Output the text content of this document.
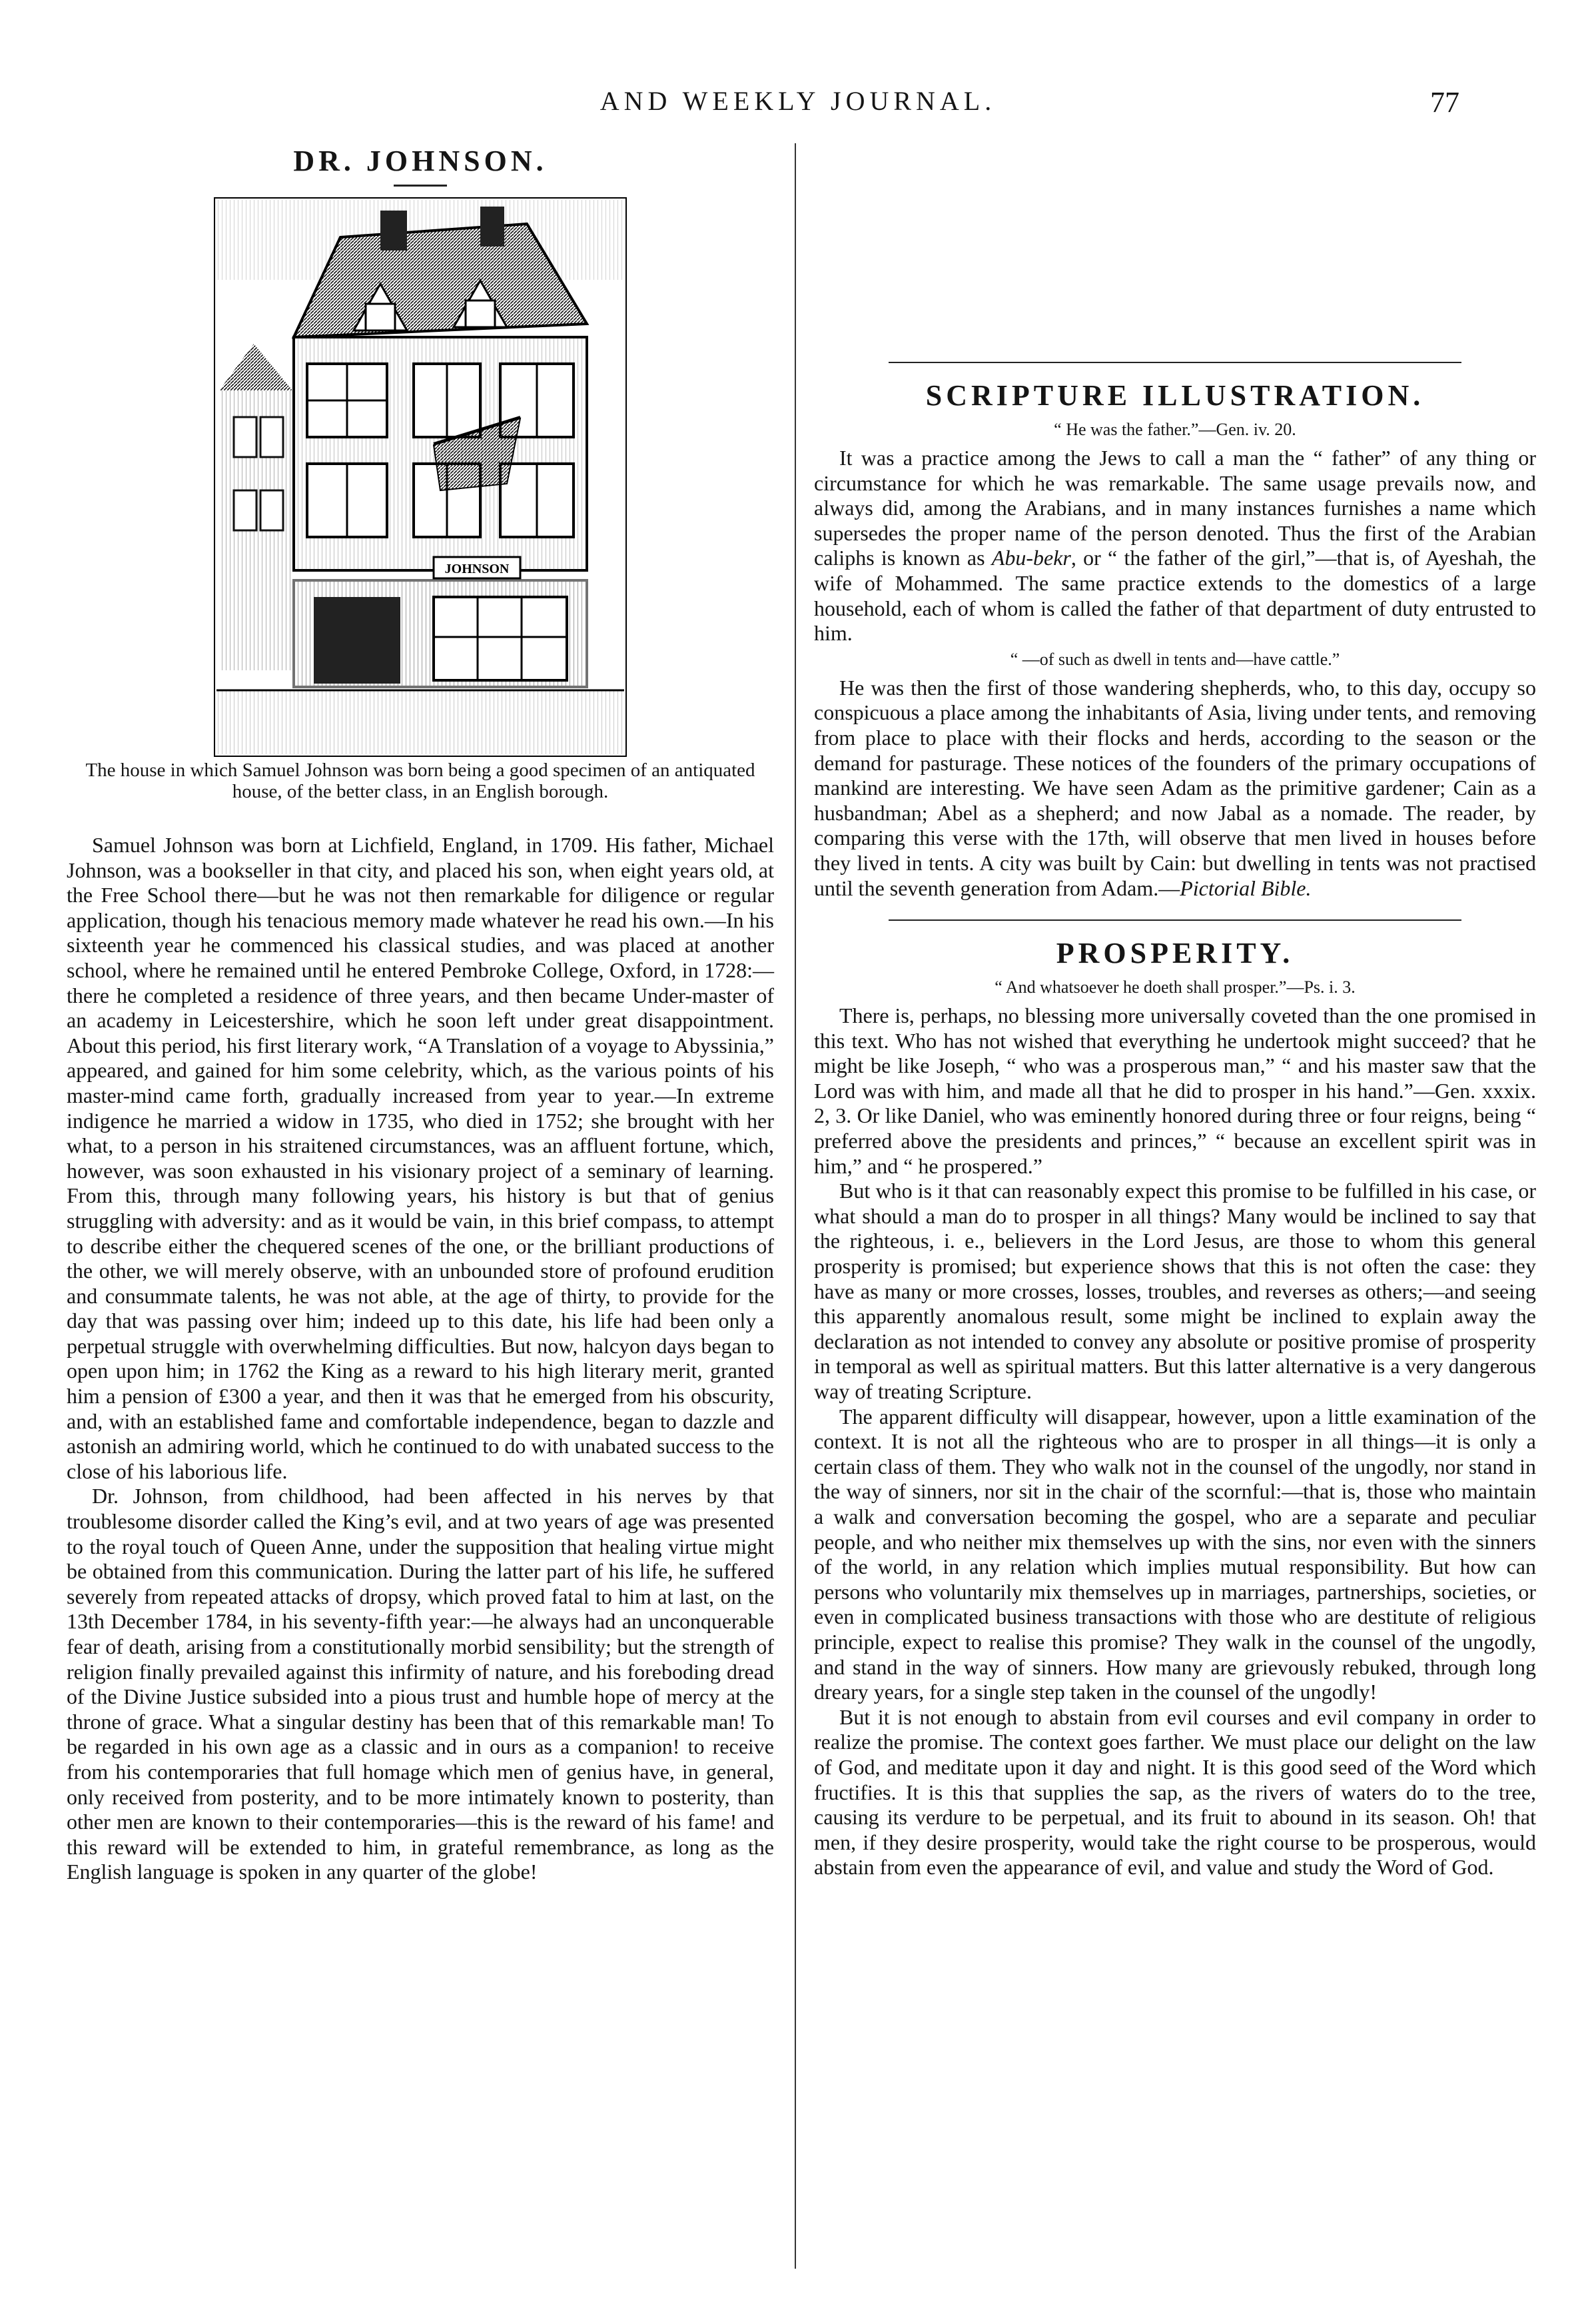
AND WEEKLY JOURNAL.	77
DR. JOHNSON.
JOHNSON

The house in which Samuel Johnson was born being a good specimen of an antiquated house, of the better class, in an English borough.

Samuel Johnson was born at Lichfield, England, in 1709. His father, Michael Johnson, was a bookseller in that city, and placed his son, when eight years old, at the Free School there—but he was not then remarkable for diligence or regular application, though his tenacious memory made whatever he read his own.—In his sixteenth year he commenced his classical studies, and was placed at another school, where he remained until he entered Pembroke College, Oxford, in 1728:—there he completed a residence of three years, and then became Under-master of an academy in Leicestershire, which he soon left under great disappointment. About this period, his first literary work, “A Translation of a voyage to Abyssinia,” appeared, and gained for him some celebrity, which, as the various points of his master-mind came forth, gradually increased from year to year.—In extreme indigence he married a widow in 1735, who died in 1752; she brought with her what, to a person in his straitened circumstances, was an affluent fortune, which, however, was soon exhausted in his visionary project of a seminary of learning. From this, through many following years, his history is but that of genius struggling with adversity: and as it would be vain, in this brief compass, to attempt to describe either the chequered scenes of the one, or the brilliant productions of the other, we will merely observe, with an unbounded store of profound erudition and consummate talents, he was not able, at the age of thirty, to provide for the day that was passing over him; indeed up to this date, his life had been only a perpetual struggle with overwhelming difficulties. But now, halcyon days began to open upon him; in 1762 the King as a reward to his high literary merit, granted him a pension of £300 a year, and then it was that he emerged from his obscurity, and, with an established fame and comfortable independence, began to dazzle and astonish an admiring world, which he continued to do with unabated success to the close of his laborious life.

Dr. Johnson, from childhood, had been affected in his nerves by that troublesome disorder called the King’s evil, and at two years of age was presented to the royal touch of Queen Anne, under the supposition that healing virtue might be obtained from this communication. During the latter part of his life, he suffered severely from repeated attacks of dropsy, which proved fatal to him at last, on the 13th December 1784, in his seventy-fifth year:—he always had an unconquerable fear of death, arising from a constitutionally morbid sensibility; but the strength of religion finally prevailed against this infirmity of nature, and his foreboding dread of the Divine Justice subsided into a pious trust and humble hope of mercy at the throne of grace. What a singular destiny has been that of this remarkable man! To be regarded in his own age as a classic and in ours as a companion! to receive from his contemporaries that full homage which men of genius have, in general, only received from posterity, and to be more intimately known to posterity, than other men are known to their contemporaries—this is the reward of his fame! and this reward will be extended to him, in grateful remembrance, as long as the English language is spoken in any quarter of the globe!

SCRIPTURE ILLUSTRATION.

“ He was the father.”—Gen. iv. 20.

It was a practice among the Jews to call a man the “ father” of any thing or circumstance for which he was remarkable. The same usage prevails now, and always did, among the Arabians, and in many instances furnishes a name which supersedes the proper name of the person denoted. Thus the first of the Arabian caliphs is known as Abu-bekr, or “ the father of the girl,”—that is, of Ayeshah, the wife of Mohammed. The same practice extends to the domestics of a large household, each of whom is called the father of that department of duty entrusted to him.

“ —of such as dwell in tents and—have cattle.”

He was then the first of those wandering shepherds, who, to this day, occupy so conspicuous a place among the inhabitants of Asia, living under tents, and removing from place to place with their flocks and herds, according to the season or the demand for pasturage. These notices of the founders of the primary occupations of mankind are interesting. We have seen Adam as the primitive gardener; Cain as a husbandman; Abel as a shepherd; and now Jabal as a nomade. The reader, by comparing this verse with the 17th, will observe that men lived in houses before they lived in tents. A city was built by Cain: but dwelling in tents was not practised until the seventh generation from Adam.—Pictorial Bible.

PROSPERITY.

“ And whatsoever he doeth shall prosper.”—Ps. i. 3.

There is, perhaps, no blessing more universally coveted than the one promised in this text. Who has not wished that everything he undertook might succeed? that he might be like Joseph, “ who was a prosperous man,” “ and his master saw that the Lord was with him, and made all that he did to prosper in his hand.”—Gen. xxxix. 2, 3. Or like Daniel, who was eminently honored during three or four reigns, being “ preferred above the presidents and princes,” “ because an excellent spirit was in him,” and “ he prospered.”

But who is it that can reasonably expect this promise to be fulfilled in his case, or what should a man do to prosper in all things? Many would be inclined to say that the righteous, i. e., believers in the Lord Jesus, are those to whom this general prosperity is promised; but experience shows that this is not often the case: they have as many or more crosses, losses, troubles, and reverses as others;—and seeing this apparently anomalous result, some might be inclined to explain away the declaration as not intended to convey any absolute or positive promise of prosperity in temporal as well as spiritual matters. But this latter alternative is a very dangerous way of treating Scripture.

The apparent difficulty will disappear, however, upon a little examination of the context. It is not all the righteous who are to prosper in all things—it is only a certain class of them. They who walk not in the counsel of the ungodly, nor stand in the way of sinners, nor sit in the chair of the scornful:—that is, those who maintain a walk and conversation becoming the gospel, who are a separate and peculiar people, and who neither mix themselves up with the sins, nor even with the sinners of the world, in any relation which implies mutual responsibility. But how can persons who voluntarily mix themselves up in marriages, partnerships, societies, or even in complicated business transactions with those who are destitute of religious principle, expect to realise this promise? They walk in the counsel of the ungodly, and stand in the way of sinners. How many are grievously rebuked, through long dreary years, for a single step taken in the counsel of the ungodly!

But it is not enough to abstain from evil courses and evil company in order to realize the promise. The context goes farther. We must place our delight on the law of God, and meditate upon it day and night. It is this good seed of the Word which fructifies. It is this that supplies the sap, as the rivers of waters do to the tree, causing its verdure to be perpetual, and its fruit to abound in its season. Oh! that men, if they desire prosperity, would take the right course to be prosperous, would abstain from even the appearance of evil, and value and study the Word of God.
